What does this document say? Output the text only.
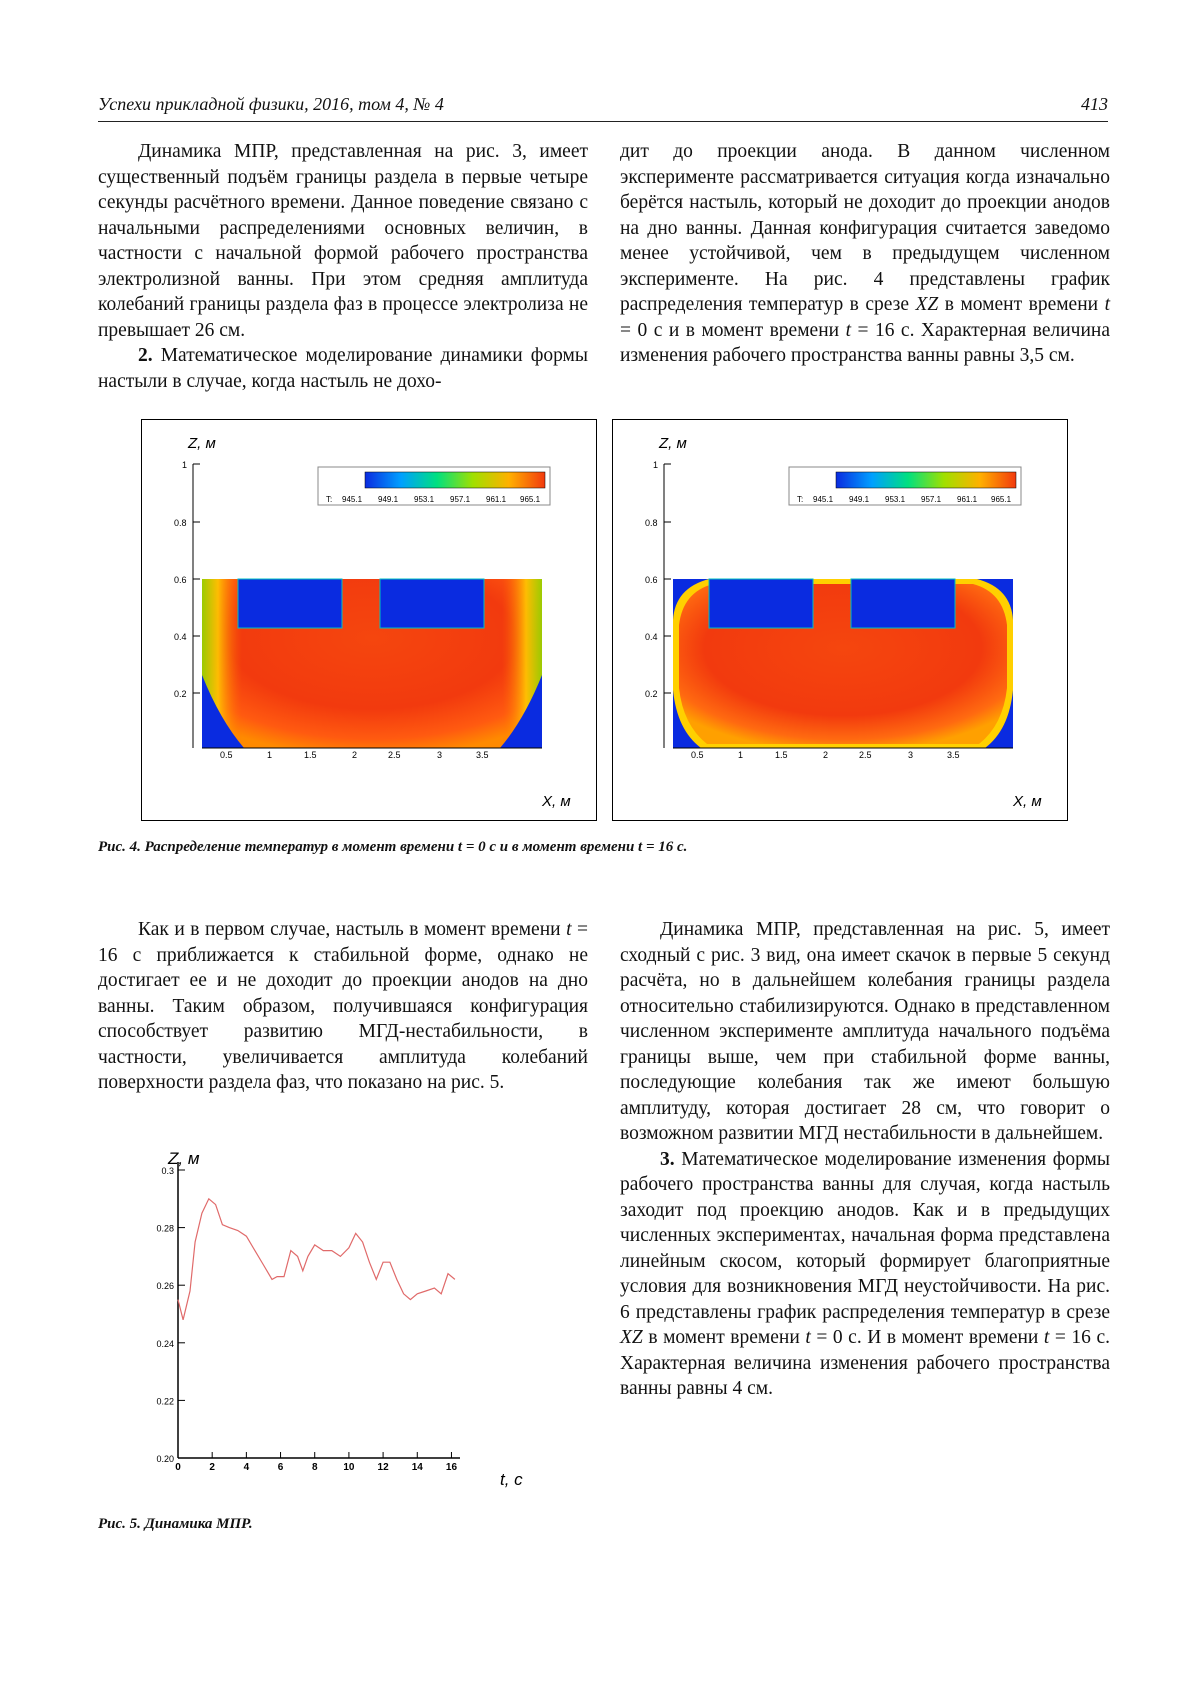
Успехи прикладной физики, 2016, том 4, № 4	413

Динамика МПР, представленная на рис. 3, имеет существенный подъём границы раздела в первые четыре секунды расчётного времени. Данное поведение связано с начальными распределениями основных величин, в частности с начальной формой рабочего пространства электролизной ванны. При этом средняя амплитуда колебаний границы раздела фаз в процессе электролиза не превышает 26 см.

2. Математическое моделирование динамики формы настыли в случае, когда настыль не дохо-

дит до проекции анода. В данном численном эксперименте рассматривается ситуация когда изначально берётся настыль, который не доходит до проекции анодов на дно ванны. Данная конфигурация считается заведомо менее устойчивой, чем в предыдущем численном эксперименте. На рис. 4 представлены график распределения температур в срезе XZ в момент времени t = 0 с и в момент времени t = 16 с. Характерная величина изменения рабочего пространства ванны равны 3,5 см.

Z, м
1
0.8
0.6
0.4
0.2
T: 945.1 949.1 953.1 957.1 961.1 965.1
0.5	1	1.5	2	2.5	3	3.5
X, м
Z, м
1
0.8
0.6
0.4
0.2
T: 945.1 949.1 953.1 957.1 961.1 965.1
0.5	1	1.5	2	2.5	3	3.5
X, м
Рис. 4. Распределение температур в момент времени t = 0 с и в момент времени t = 16 с.

Как и в первом случае, настыль в момент времени t = 16 с приближается к стабильной форме, однако не достигает ее и не доходит до проекции анодов на дно ванны. Таким образом, получившаяся конфигурация способствует развитию МГД-нестабильности, в частности, увеличивается амплитуда колебаний поверхности раздела фаз, что показано на рис. 5.

Z, м
t, с
0.20
0.22
0.24
0.26
0.28
0.3
0	2	4	6	8	10 12 14 16
Рис. 5. Динамика МПР.

Динамика МПР, представленная на рис. 5, имеет сходный с рис. 3 вид, она имеет скачок в первые 5 секунд расчёта, но в дальнейшем колебания границы раздела относительно стабилизируются. Однако в представленном численном эксперименте амплитуда начального подъёма границы выше, чем при стабильной форме ванны, последующие колебания так же имеют большую амплитуду, которая достигает 28 см, что говорит о возможном развитии МГД нестабильности в дальнейшем.

3. Математическое моделирование изменения формы рабочего пространства ванны для случая, когда настыль заходит под проекцию анодов. Как и в предыдущих численных экспериментах, начальная форма представлена линейным скосом, который формирует благоприятные условия для возникновения МГД неустойчивости. На рис. 6 представлены график распределения температур в срезе XZ в момент времени t = 0 с. И в момент времени t = 16 с. Характерная величина изменения рабочего пространства ванны равны 4 см.
